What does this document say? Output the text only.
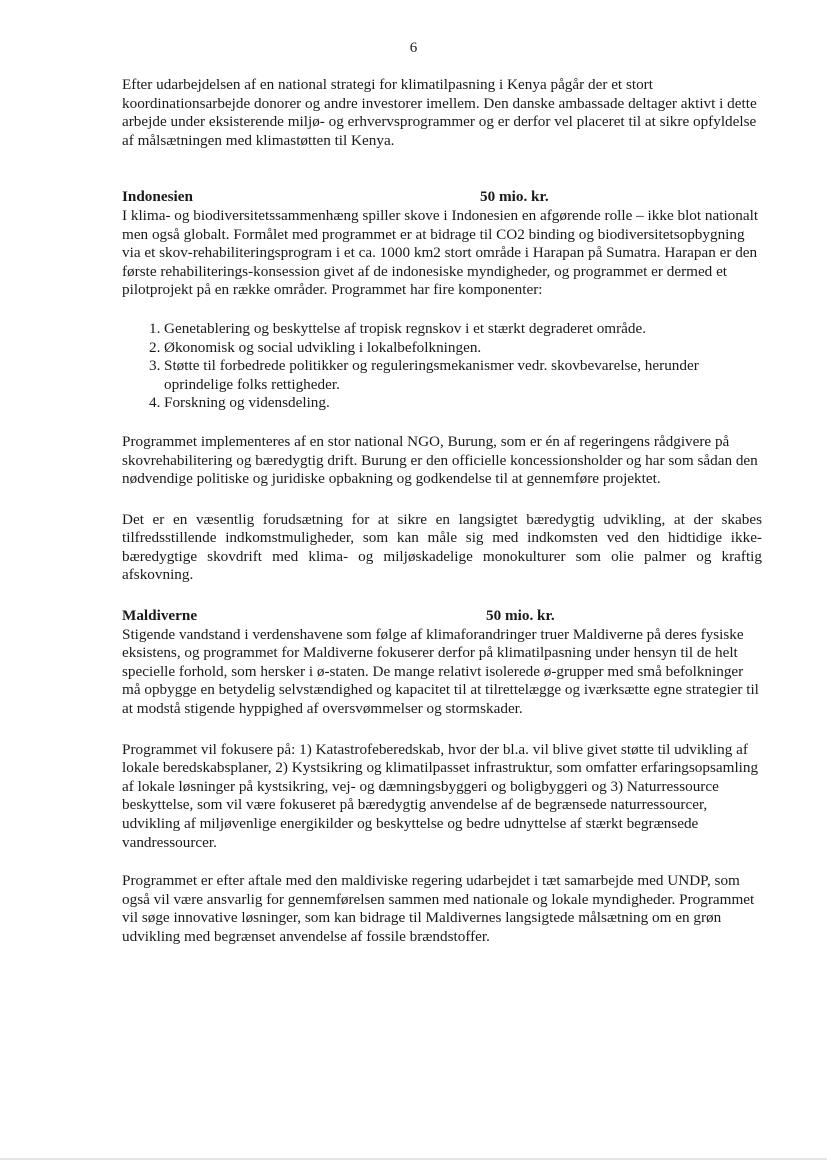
6

Efter udarbejdelsen af en national strategi for klimatilpasning i Kenya pågår der et stort koordinationsarbejde donorer og andre investorer imellem. Den danske ambassade deltager aktivt i dette arbejde under eksisterende miljø- og erhvervsprogrammer og er derfor vel placeret til at sikre opfyldelse af målsætningen med klimastøtten til Kenya.

Indonesien	50 mio. kr.

I klima- og biodiversitetssammenhæng spiller skove i Indonesien en afgørende rolle – ikke blot nationalt men også globalt. Formålet med programmet er at bidrage til CO2 binding og biodiversitetsopbygning via et skov-rehabiliteringsprogram i et ca. 1000 km2 stort område i Harapan på Sumatra. Harapan er den første rehabiliterings-konsession givet af de indonesiske myndigheder, og programmet er dermed et pilotprojekt på en række områder. Programmet har fire komponenter:

1. Genetablering og beskyttelse af tropisk regnskov i et stærkt degraderet område.
2. Økonomisk og social udvikling i lokalbefolkningen.
3. Støtte til forbedrede politikker og reguleringsmekanismer vedr. skovbevarelse, herunder oprindelige folks rettigheder.
4. Forskning og vidensdeling.

Programmet implementeres af en stor national NGO, Burung, som er én af regeringens rådgivere på skovrehabilitering og bæredygtig drift. Burung er den officielle koncessionsholder og har som sådan den nødvendige politiske og juridiske opbakning og godkendelse til at gennemføre projektet.

Det er en væsentlig forudsætning for at sikre en langsigtet bæredygtig udvikling, at der skabes tilfredsstillende indkomstmuligheder, som kan måle sig med indkomsten ved den hidtidige ikke-bæredygtige skovdrift med klima- og miljøskadelige monokulturer som olie palmer og kraftig afskovning.

Maldiverne	50 mio. kr.

Stigende vandstand i verdenshavene som følge af klimaforandringer truer Maldiverne på deres fysiske eksistens, og programmet for Maldiverne fokuserer derfor på klimatilpasning under hensyn til de helt specielle forhold, som hersker i ø-staten. De mange relativt isolerede ø-grupper med små befolkninger må opbygge en betydelig selvstændighed og kapacitet til at tilrettelægge og iværksætte egne strategier til at modstå stigende hyppighed af oversvømmelser og stormskader.

Programmet vil fokusere på: 1) Katastrofeberedskab, hvor der bl.a. vil blive givet støtte til udvikling af lokale beredskabsplaner, 2) Kystsikring og klimatilpasset infrastruktur, som omfatter erfaringsopsamling af lokale løsninger på kystsikring, vej- og dæmningsbyggeri og boligbyggeri og 3) Naturressource beskyttelse, som vil være fokuseret på bæredygtig anvendelse af de begrænsede naturressourcer, udvikling af miljøvenlige energikilder og beskyttelse og bedre udnyttelse af stærkt begrænsede vandressourcer.

Programmet er efter aftale med den maldiviske regering udarbejdet i tæt samarbejde med UNDP, som også vil være ansvarlig for gennemførelsen sammen med nationale og lokale myndigheder. Programmet vil søge innovative løsninger, som kan bidrage til Maldivernes langsigtede målsætning om en grøn udvikling med begrænset anvendelse af fossile brændstoffer.
